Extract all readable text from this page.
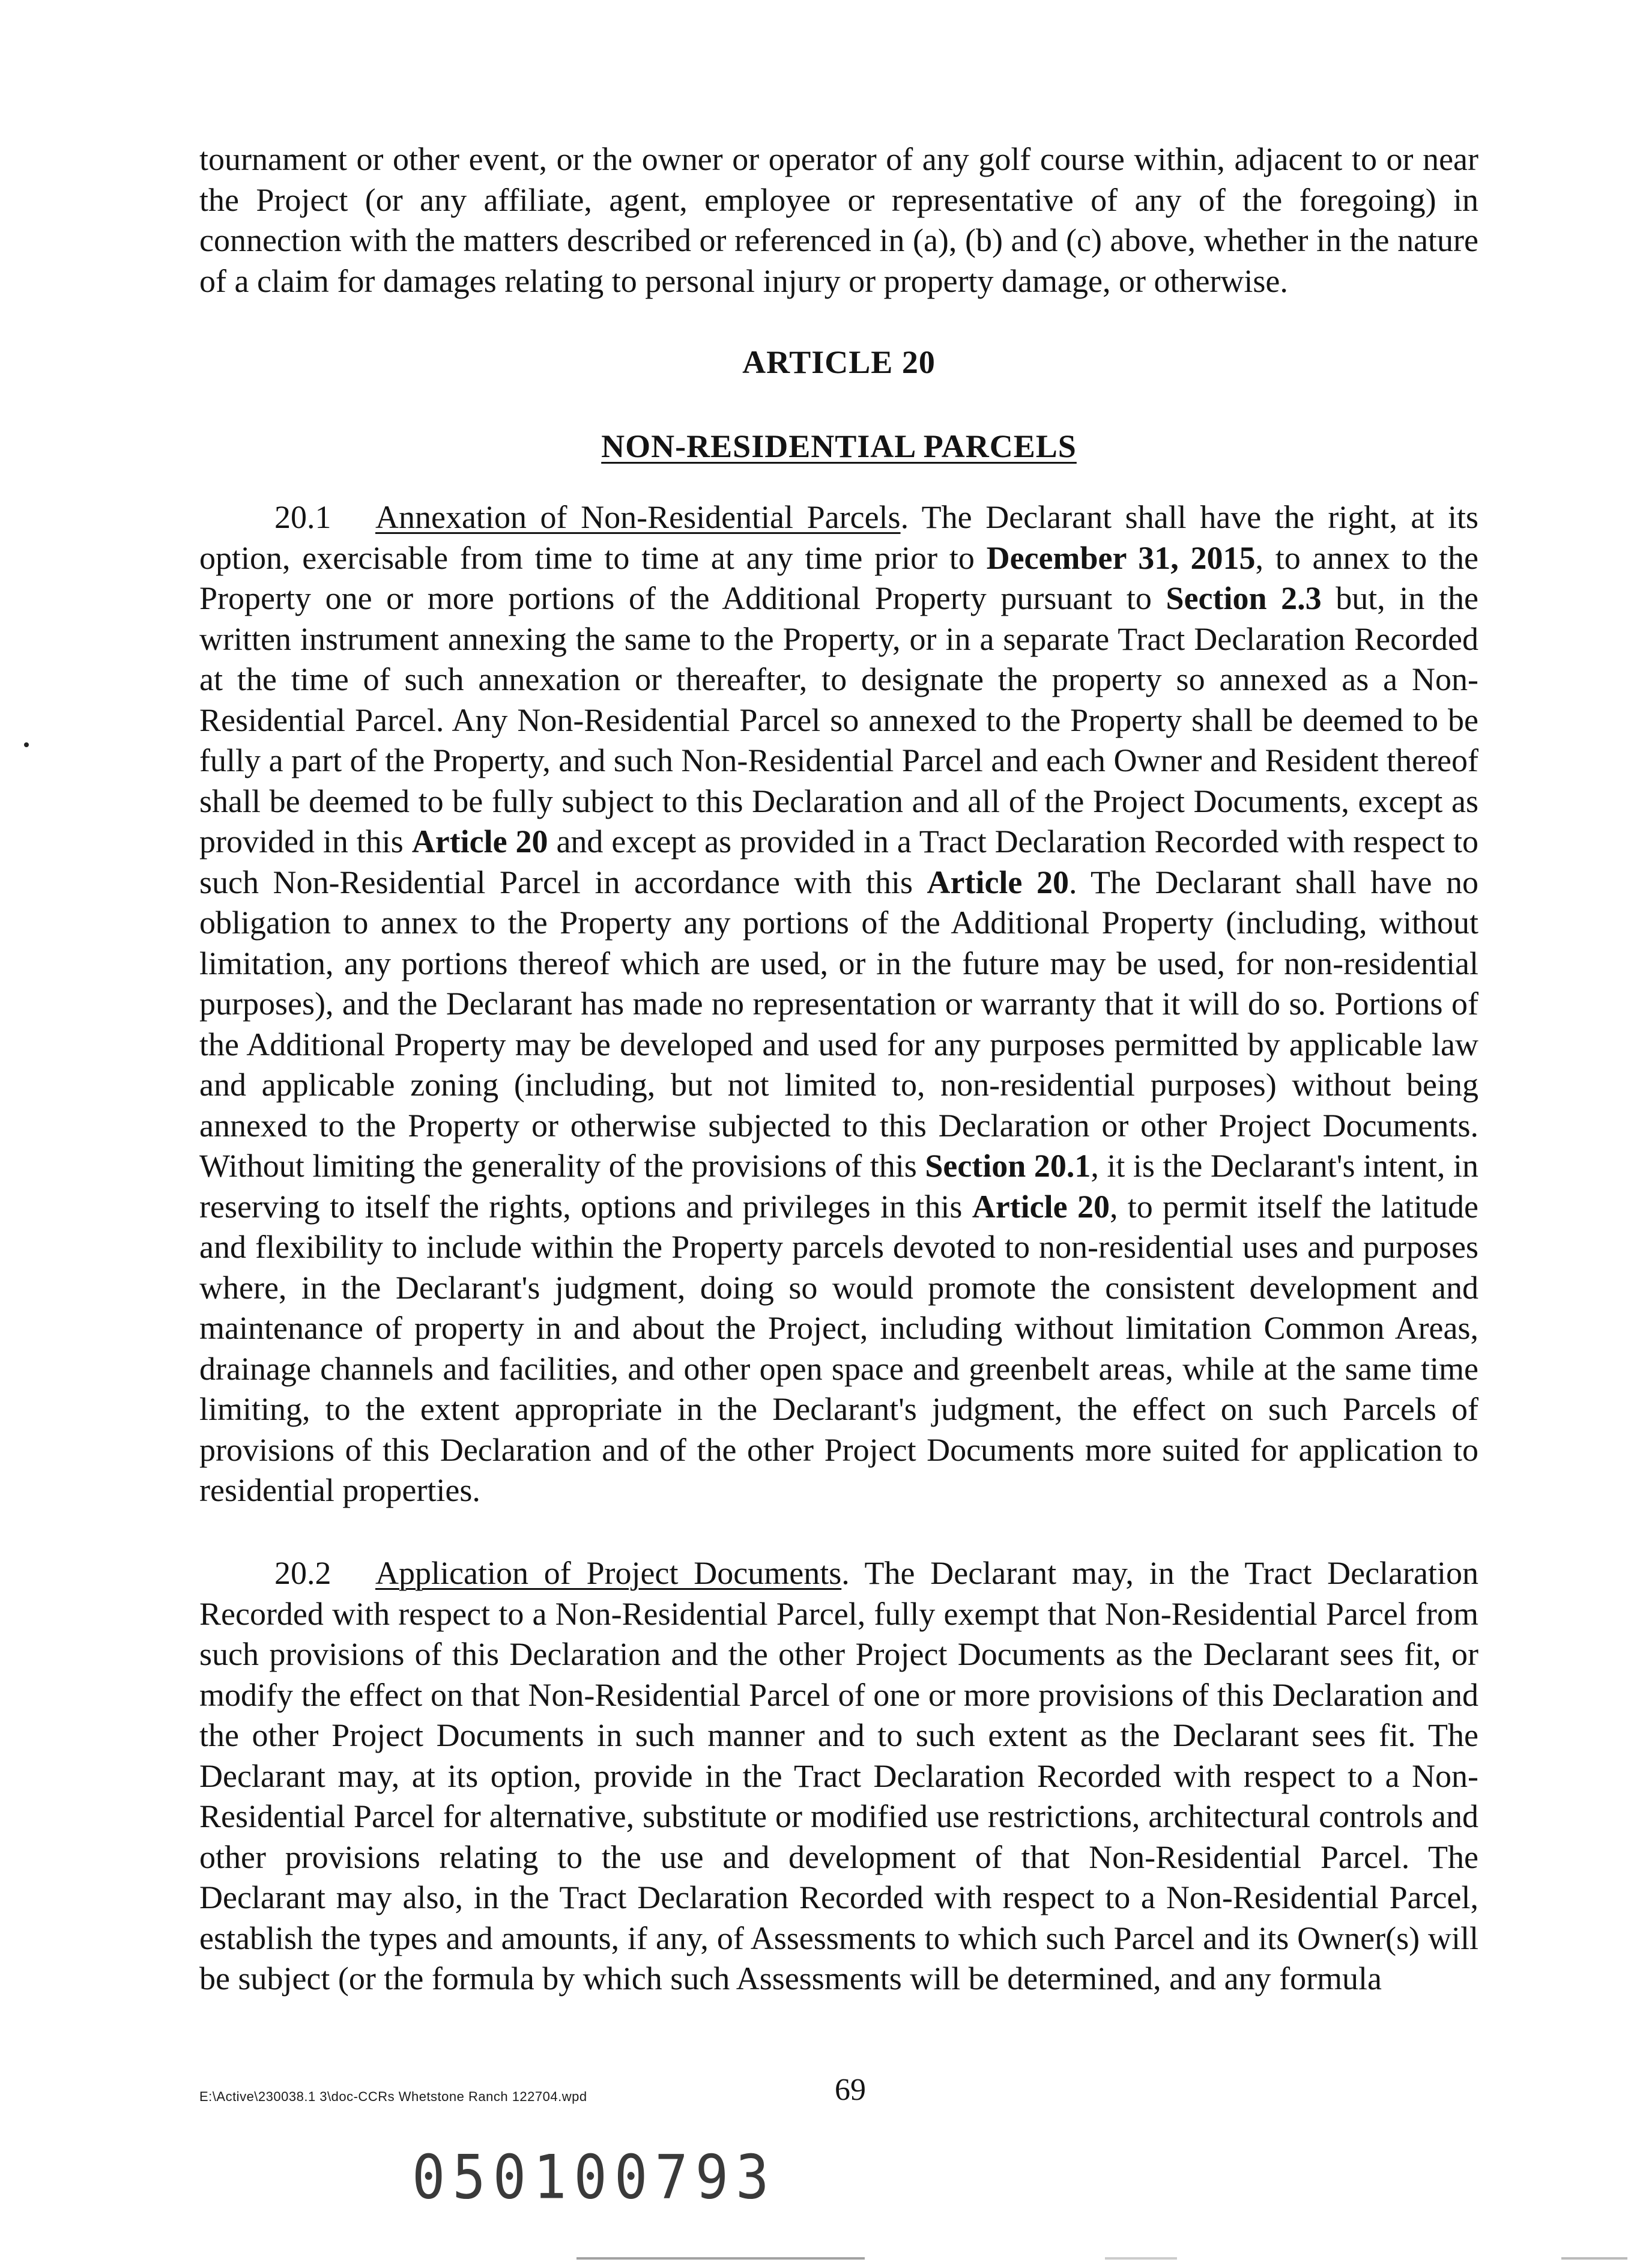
tournament or other event, or the owner or operator of any golf course within, adjacent to or near the Project (or any affiliate, agent, employee or representative of any of the foregoing) in connection with the matters described or referenced in (a), (b) and (c) above, whether in the nature of a claim for damages relating to personal injury or property damage, or otherwise.

ARTICLE 20
NON-RESIDENTIAL PARCELS

20.1 Annexation of Non-Residential Parcels. The Declarant shall have the right, at its option, exercisable from time to time at any time prior to December 31, 2015, to annex to the Property one or more portions of the Additional Property pursuant to Section 2.3 but, in the written instrument annexing the same to the Property, or in a separate Tract Declaration Recorded at the time of such annexation or thereafter, to designate the property so annexed as a Non-Residential Parcel. Any Non-Residential Parcel so annexed to the Property shall be deemed to be fully a part of the Property, and such Non-Residential Parcel and each Owner and Resident thereof shall be deemed to be fully subject to this Declaration and all of the Project Documents, except as provided in this Article 20 and except as provided in a Tract Declaration Recorded with respect to such Non-Residential Parcel in accordance with this Article 20. The Declarant shall have no obligation to annex to the Property any portions of the Additional Property (including, without limitation, any portions thereof which are used, or in the future may be used, for non-residential purposes), and the Declarant has made no representation or warranty that it will do so. Portions of the Additional Property may be developed and used for any purposes permitted by applicable law and applicable zoning (including, but not limited to, non-residential purposes) without being annexed to the Property or otherwise subjected to this Declaration or other Project Documents. Without limiting the generality of the provisions of this Section 20.1, it is the Declarant's intent, in reserving to itself the rights, options and privileges in this Article 20, to permit itself the latitude and flexibility to include within the Property parcels devoted to non-residential uses and purposes where, in the Declarant's judgment, doing so would promote the consistent development and maintenance of property in and about the Project, including without limitation Common Areas, drainage channels and facilities, and other open space and greenbelt areas, while at the same time limiting, to the extent appropriate in the Declarant's judgment, the effect on such Parcels of provisions of this Declaration and of the other Project Documents more suited for application to residential properties.

20.2 Application of Project Documents. The Declarant may, in the Tract Declaration Recorded with respect to a Non-Residential Parcel, fully exempt that Non-Residential Parcel from such provisions of this Declaration and the other Project Documents as the Declarant sees fit, or modify the effect on that Non-Residential Parcel of one or more provisions of this Declaration and the other Project Documents in such manner and to such extent as the Declarant sees fit. The Declarant may, at its option, provide in the Tract Declaration Recorded with respect to a Non-Residential Parcel for alternative, substitute or modified use restrictions, architectural controls and other provisions relating to the use and development of that Non-Residential Parcel. The Declarant may also, in the Tract Declaration Recorded with respect to a Non-Residential Parcel, establish the types and amounts, if any, of Assessments to which such Parcel and its Owner(s) will be subject (or the formula by which such Assessments will be determined, and any formula

E:\Active\230038.1 3\doc-CCRs Whetstone Ranch 122704.wpd	69
050100793
